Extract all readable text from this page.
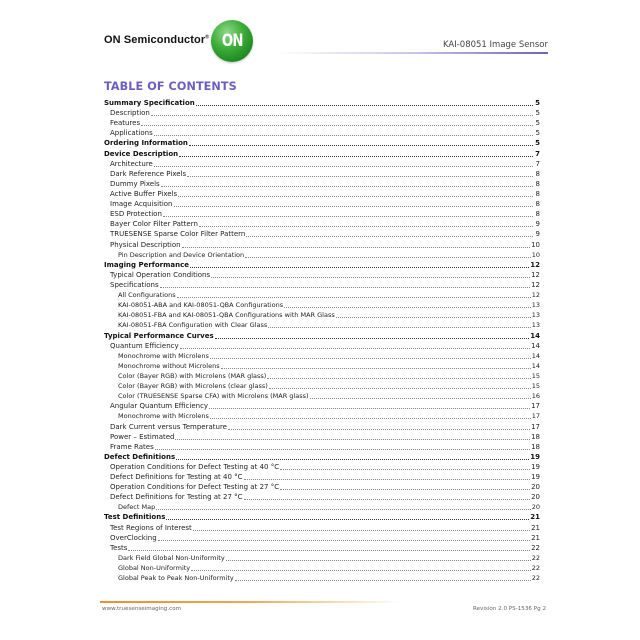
ON Semiconductor® ON	KAI-08051 Image Sensor
TABLE OF CONTENTS
Summary Specification	5
Description	5
Features	5
Applications	5
Ordering Information	5
Device Description	7
Architecture	7
Dark Reference Pixels	8
Dummy Pixels	8
Active Buffer Pixels	8
Image Acquisition	8
ESD Protection	8
Bayer Color Filter Pattern	9
TRUESENSE Sparse Color Filter Pattern	9
Physical Description	10
Pin Description and Device Orientation	10
Imaging Performance	12
Typical Operation Conditions	12
Specifications	12
All Configurations	12
KAI-08051-ABA and KAI-08051-QBA Configurations	13
KAI-08051-FBA and KAI-08051-QBA Configurations with MAR Glass	13
KAI-08051-FBA Configuration with Clear Glass	13
Typical Performance Curves	14
Quantum Efficiency	14
Monochrome with Microlens	14
Monochrome without Microlens	14
Color (Bayer RGB) with Microlens (MAR glass)	15
Color (Bayer RGB) with Microlens (clear glass)	15
Color (TRUESENSE Sparse CFA) with Microlens (MAR glass)	16
Angular Quantum Efficiency	17
Monochrome with Microlens	17
Dark Current versus Temperature	17
Power – Estimated	18
Frame Rates	18
Defect Definitions	19
Operation Conditions for Defect Testing at 40 °C	19
Defect Definitions for Testing at 40 °C	19
Operation Conditions for Defect Testing at 27 °C	20
Defect Definitions for Testing at 27 °C	20
Defect Map	20
Test Definitions	21
Test Regions of Interest	21
OverClocking	21
Tests	22
Dark Field Global Non-Uniformity	22
Global Non-Uniformity	22
Global Peak to Peak Non-Uniformity	22
www.truesenseimaging.com	Revision 2.0 PS-1536 Pg 2
